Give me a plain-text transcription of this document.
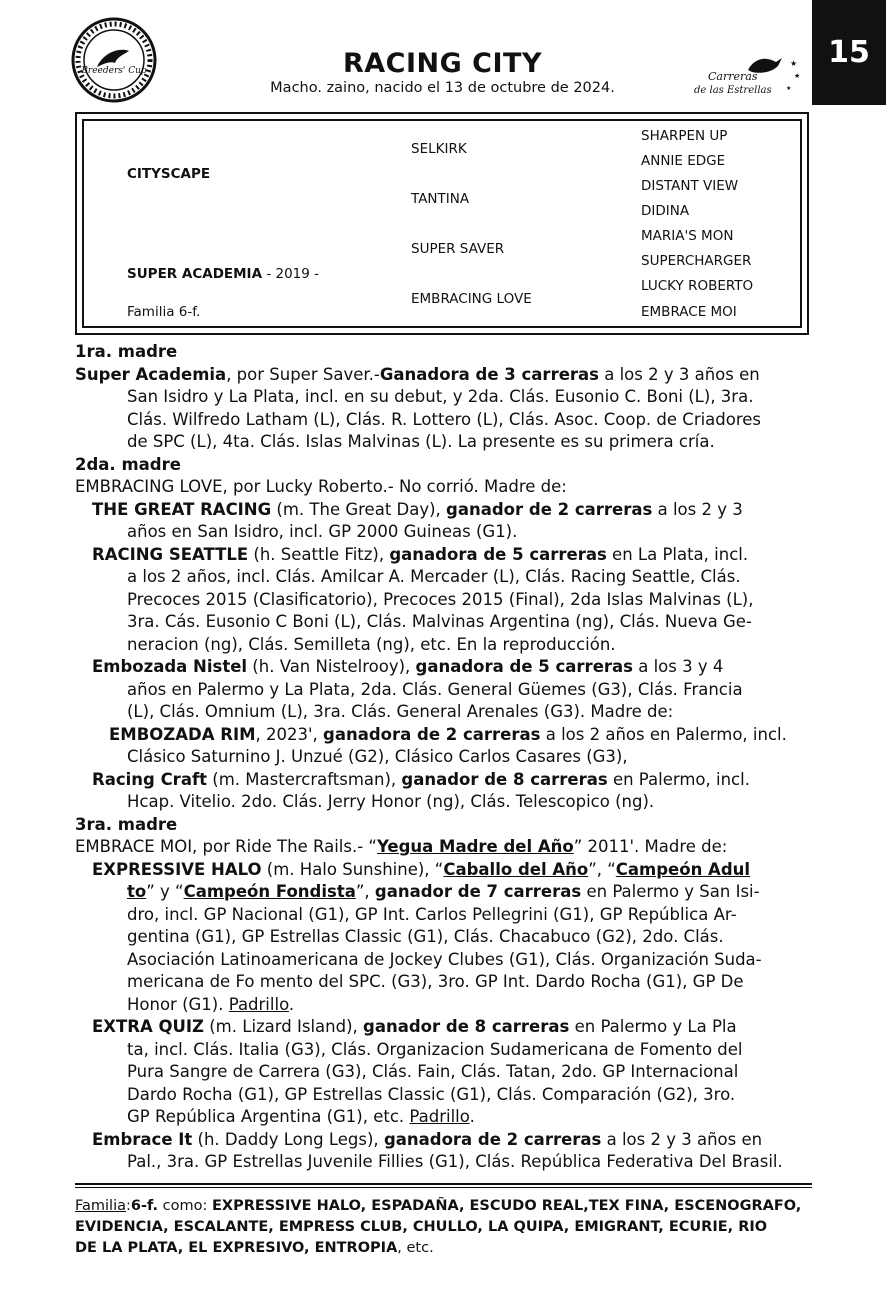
Breeders' Cup	RACING CITY
Macho. zaino, nacido el 13 de octubre de 2024.
★
★
★
Carreras
de las Estrellas
15
CITYSCAPE
SUPER ACADEMIA - 2019 -
Familia 6-f.
SELKIRK
TANTINA
SUPER SAVER
EMBRACING LOVE
SHARPEN UP
ANNIE EDGE
DISTANT VIEW
DIDINA
MARIA'S MON
SUPERCHARGER
LUCKY ROBERTO
EMBRACE MOI

1ra. madre

Super Academia, por Super Saver.-Ganadora de 3 carreras a los 2 y 3 años en

San Isidro y La Plata, incl. en su debut, y 2da. Clás. Eusonio C. Boni (L), 3ra.

Clás. Wilfredo Latham (L), Clás. R. Lottero (L), Clás. Asoc. Coop. de Criadores

de SPC (L), 4ta. Clás. Islas Malvinas (L). La presente es su primera cría.

2da. madre

EMBRACING LOVE, por Lucky Roberto.- No corrió. Madre de:

THE GREAT RACING (m. The Great Day), ganador de 2 carreras a los 2 y 3

años en San Isidro, incl. GP 2000 Guineas (G1).

RACING SEATTLE (h. Seattle Fitz), ganadora de 5 carreras en La Plata, incl.

a los 2 años, incl. Clás. Amilcar A. Mercader (L), Clás. Racing Seattle, Clás.

Precoces 2015 (Clasificatorio), Precoces 2015 (Final), 2da Islas Malvinas (L),

3ra. Cás. Eusonio C Boni (L), Clás. Malvinas Argentina (ng), Clás. Nueva Ge-

neracion (ng), Clás. Semilleta (ng), etc. En la reproducción.

Embozada Nistel (h. Van Nistelrooy), ganadora de 5 carreras a los 3 y 4

años en Palermo y La Plata, 2da. Clás. General Güemes (G3), Clás. Francia

(L), Clás. Omnium (L), 3ra. Clás. General Arenales (G3). Madre de:

EMBOZADA RIM, 2023', ganadora de 2 carreras a los 2 años en Palermo, incl.

Clásico Saturnino J. Unzué (G2), Clásico Carlos Casares (G3),

Racing Craft (m. Mastercraftsman), ganador de 8 carreras en Palermo, incl.

Hcap. Vitelio. 2do. Clás. Jerry Honor (ng), Clás. Telescopico (ng).

3ra. madre

EMBRACE MOI, por Ride The Rails.- “Yegua Madre del Año” 2011'. Madre de:

EXPRESSIVE HALO (m. Halo Sunshine), “Caballo del Año”, “Campeón Adul

to” y “Campeón Fondista”, ganador de 7 carreras en Palermo y San Isi-

dro, incl. GP Nacional (G1), GP Int. Carlos Pellegrini (G1), GP República Ar-

gentina (G1), GP Estrellas Classic (G1), Clás. Chacabuco (G2), 2do. Clás.

Asociación Latinoamericana de Jockey Clubes (G1), Clás. Organización Suda-

mericana de Fo mento del SPC. (G3), 3ro. GP Int. Dardo Rocha (G1), GP De

Honor (G1). Padrillo.

EXTRA QUIZ (m. Lizard Island), ganador de 8 carreras en Palermo y La Pla

ta, incl. Clás. Italia (G3), Clás. Organizacion Sudamericana de Fomento del

Pura Sangre de Carrera (G3), Clás. Fain, Clás. Tatan, 2do. GP Internacional

Dardo Rocha (G1), GP Estrellas Classic (G1), Clás. Comparación (G2), 3ro.

GP República Argentina (G1), etc. Padrillo.

Embrace It (h. Daddy Long Legs), ganadora de 2 carreras a los 2 y 3 años en

Pal., 3ra. GP Estrellas Juvenile Fillies (G1), Clás. República Federativa Del Brasil.

Familia:6-f. como: EXPRESSIVE HALO, ESPADAÑA, ESCUDO REAL,TEX FINA, ESCENOGRAFO,

EVIDENCIA, ESCALANTE, EMPRESS CLUB, CHULLO, LA QUIPA, EMIGRANT, ECURIE, RIO

DE LA PLATA, EL EXPRESIVO, ENTROPIA, etc.
